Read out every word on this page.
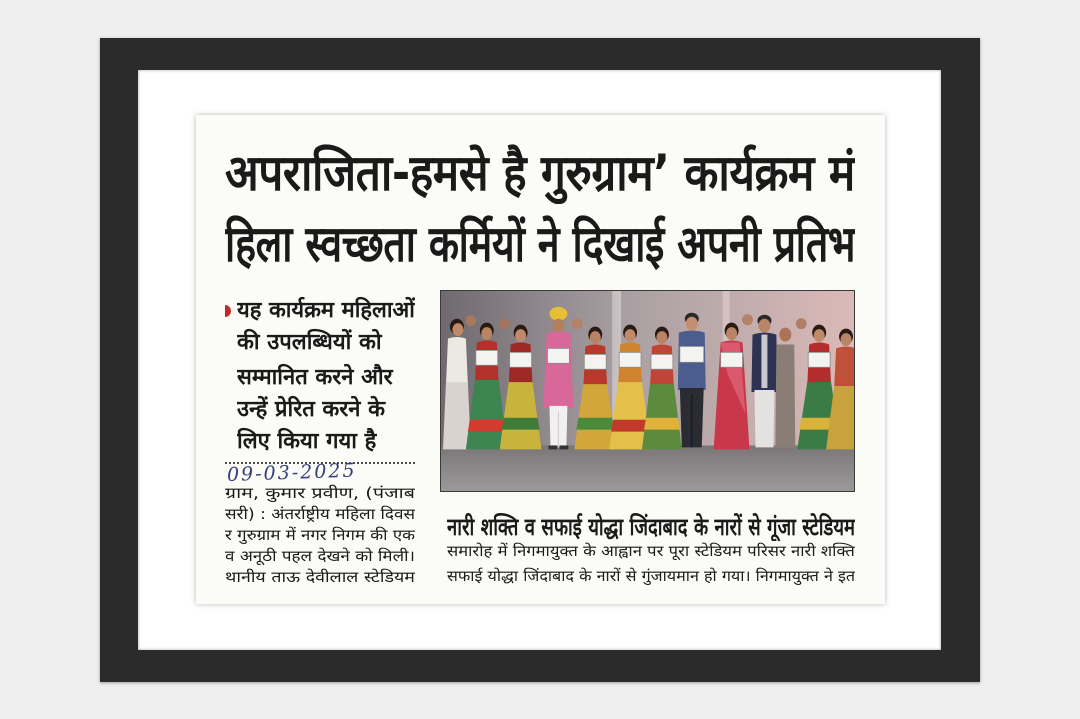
अपराजिता-हमसे है गुरुग्राम’ कार्यक्रम मं
हिला स्वच्छता कर्मियों ने दिखाई अपनी प्रतिभ
यह कार्यक्रम महिलाओं
की उपलब्धियों को
सम्मानित करने और
उन्हें प्रेरित करने के
लिए किया गया है
09-03-2025
ग्राम, कुमार प्रवीण, (पंजाब
सरी) : अंतर्राष्ट्रीय महिला दिवस
र गुरुग्राम में नगर निगम की एक
व अनूठी पहल देखने को मिली।
थानीय ताऊ देवीलाल स्टेडियम
नारी शक्ति व सफाई योद्धा जिंदाबाद के नारों से गूंजा स्टेडियम
समारोह में निगमायुक्त के आह्वान पर पूरा स्टेडियम परिसर नारी शक्ति
सफाई योद्धा जिंदाबाद के नारों से गुंजायमान हो गया। निगमायुक्त ने इत
